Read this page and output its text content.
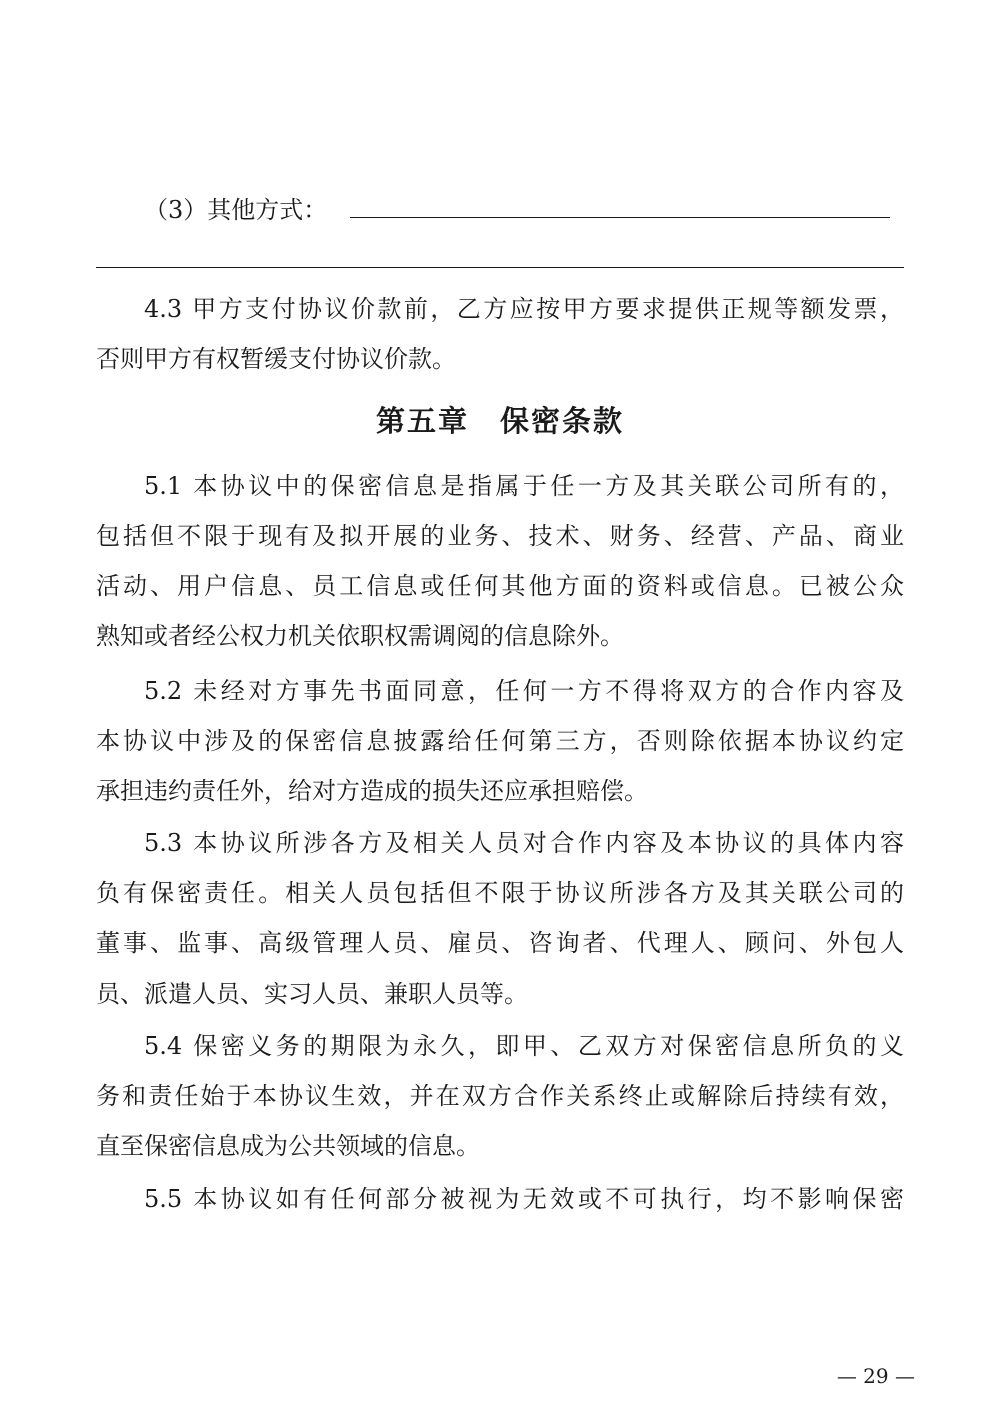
（3）其他方式：
4.3 甲方支付协议价款前，乙方应按甲方要求提供正规等额发票，
否则甲方有权暂缓支付协议价款。
第五章　保密条款
5.1 本协议中的保密信息是指属于任一方及其关联公司所有的，
包括但不限于现有及拟开展的业务、技术、财务、经营、产品、商业
活动、用户信息、员工信息或任何其他方面的资料或信息。已被公众
熟知或者经公权力机关依职权需调阅的信息除外。
5.2 未经对方事先书面同意，任何一方不得将双方的合作内容及
本协议中涉及的保密信息披露给任何第三方，否则除依据本协议约定
承担违约责任外，给对方造成的损失还应承担赔偿。
5.3 本协议所涉各方及相关人员对合作内容及本协议的具体内容
负有保密责任。相关人员包括但不限于协议所涉各方及其关联公司的
董事、监事、高级管理人员、雇员、咨询者、代理人、顾问、外包人
员、派遣人员、实习人员、兼职人员等。
5.4 保密义务的期限为永久，即甲、乙双方对保密信息所负的义
务和责任始于本协议生效，并在双方合作关系终止或解除后持续有效，
直至保密信息成为公共领域的信息。
5.5 本协议如有任何部分被视为无效或不可执行，均不影响保密
— 29 —
